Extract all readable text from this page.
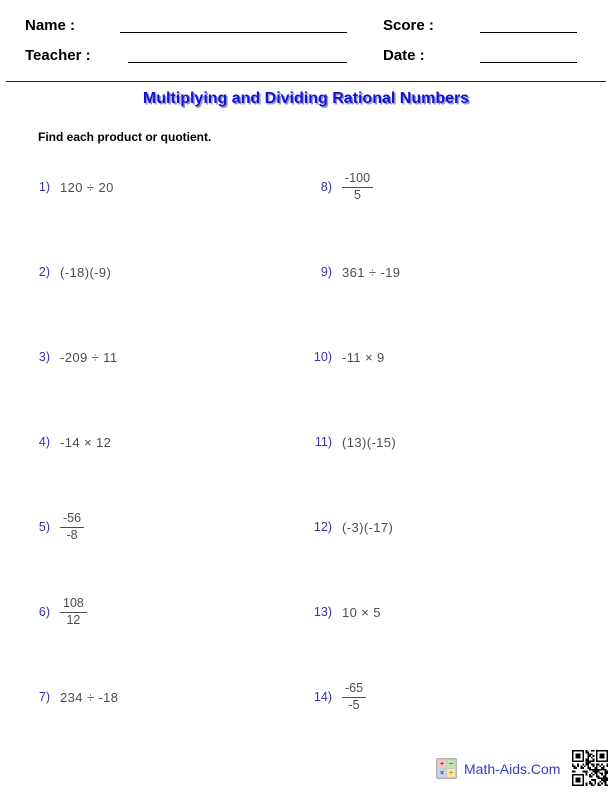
Name :
Teacher :
Score :
Date :
Multiplying and Dividing Rational Numbers
Find each product or quotient.
1) 120 ÷ 20
2) (-18)(-9)
3) -209 ÷ 11
4) -14 × 12
$5) \frac{-56}{-8}$
$6) \frac{108}{12}$
7) 234 ÷ -18
$8) \frac{-100}{5}$
9) 361 ÷ -19
10) -11 × 9
11) (13)(-15)
12) (-3)(-17)
13) 10 × 5
$14) \frac{-65}{-5}$
+ −
× ÷ Math-Aids.Com
